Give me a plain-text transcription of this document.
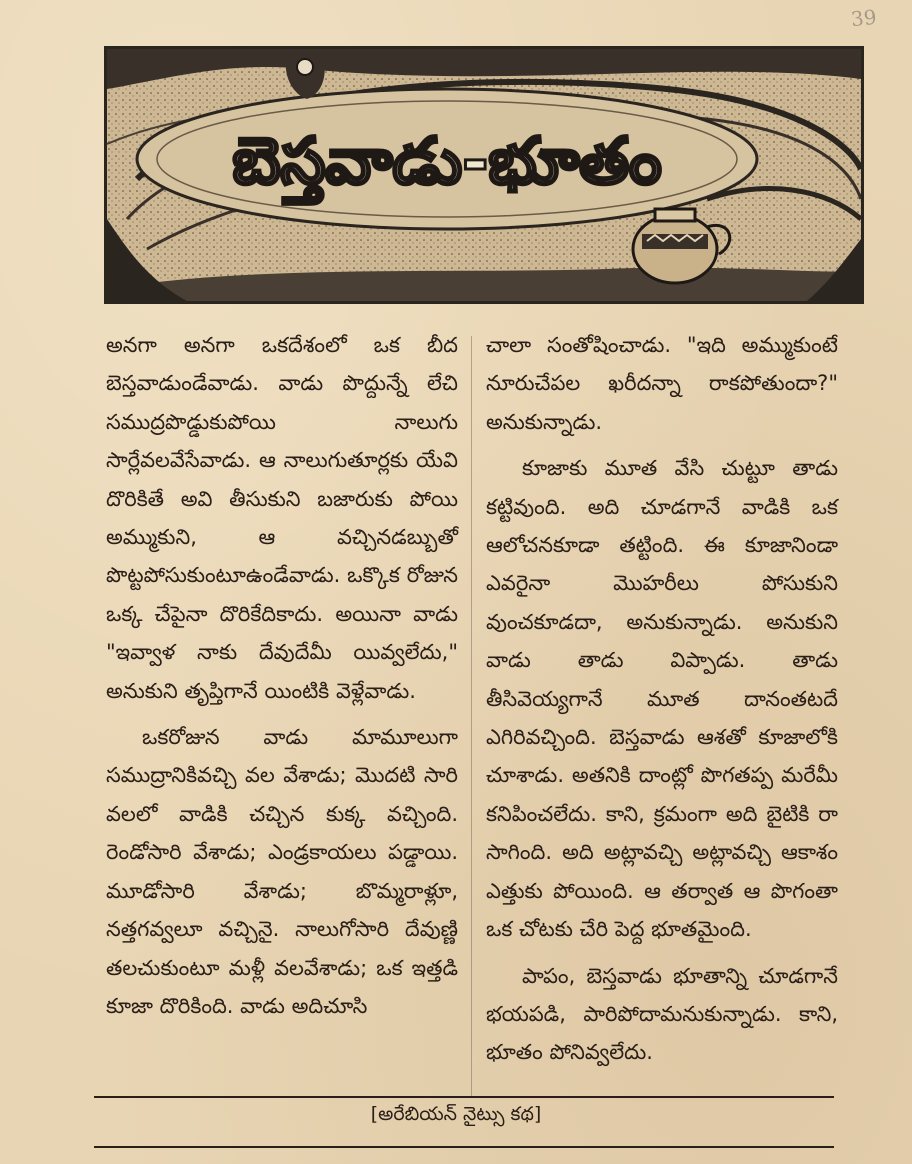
39
బెస్తవాడు-భూతం

అనగా అనగా ఒకదేశంలో ఒక బీద బెస్తవాడుండేవాడు. వాడు పొద్దున్నే లేచి సముద్రపొడ్డుకుపోయి నాలుగు సార్లేవలవేసేవాడు. ఆ నాలుగుతూర్లకు యేవి దొరికితే అవి తీసుకుని బజారుకు పోయి అమ్ముకుని, ఆ వచ్చినడబ్బుతో పొట్టపోసుకుంటూఉండేవాడు. ఒక్కొక రోజున ఒక్క చేపైనా దొరికేదికాదు. అయినా వాడు "ఇవ్వాళ నాకు దేవుదేమీ యివ్వలేదు," అనుకుని తృప్తిగానే యింటికి వెళ్లేవాడు.

ఒకరోజున వాడు మామూలుగా సముద్రానికివచ్చి వల వేశాడు; మొదటి సారి వలలో వాడికి చచ్చిన కుక్క వచ్చింది. రెండోసారి వేశాడు; ఎండ్రకాయలు పడ్డాయి. మూడోసారి వేశాడు; బొమ్మరాళ్లూ, నత్తగవ్వలూ వచ్చినై. నాలుగోసారి దేవుణ్ణి తలచుకుంటూ మళ్లీ వలవేశాడు; ఒక ఇత్తడి కూజా దొరికింది. వాడు అదిచూసి

చాలా సంతోషించాడు. "ఇది అమ్ముకుంటే నూరుచేపల ఖరీదన్నా రాకపోతుందా?" అనుకున్నాడు.

కూజాకు మూత వేసి చుట్టూ తాడు కట్టివుంది. అది చూడగానే వాడికి ఒక ఆలోచనకూడా తట్టింది. ఈ కూజానిండా ఎవరైనా మొహరీలు పోసుకుని వుంచకూడదా, అనుకున్నాడు. అనుకుని వాడు తాడు విప్పాడు. తాడు తీసివెయ్యగానే మూత దానంతటదే ఎగిరివచ్చింది. బెస్తవాడు ఆశతో కూజాలోకి చూశాడు. అతనికి దాంట్లో పొగతప్ప మరేమీ కనిపించలేదు. కాని, క్రమంగా అది బైటికి రా సాగింది. అది అట్లావచ్చి అట్లావచ్చి ఆకాశం ఎత్తుకు పోయింది. ఆ తర్వాత ఆ పొగంతా ఒక చోటకు చేరి పెద్ద భూతమైంది.

పాపం, బెస్తవాడు భూతాన్ని చూడగానే భయపడి, పారిపోదామనుకున్నాడు. కాని, భూతం పోనివ్వలేదు.

[అరేబియన్ నైట్సు కథ]
